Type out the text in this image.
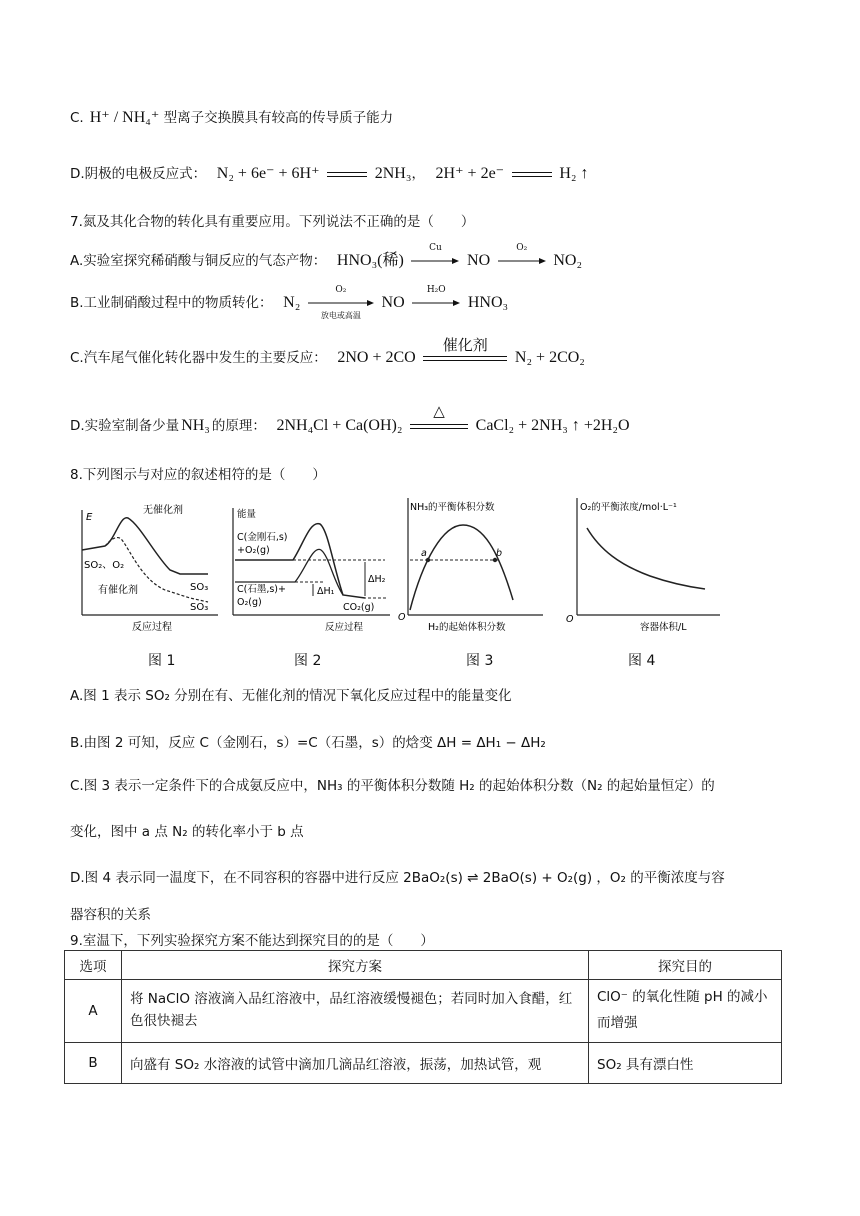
C. H⁺ / NH₄⁺ 型离子交换膜具有较高的传导质子能力
D.阴极的电极反应式： N₂ + 6e⁻ + 6H⁺	2NH₃， 2H⁺ + 2e⁻	H₂ ↑
7.氮及其化合物的转化具有重要应用。下列说法不正确的是（　　）
A.实验室探究稀硝酸与铜反应的气态产物： HNO₃(稀)
Cu
NO
O₂
NO₂
B.工业制硝酸过程中的物质转化： N₂
O₂
放电或高温
NO
H₂O
HNO₃
C.汽车尾气催化转化器中发生的主要反应： 2NO + 2CO
催化剂
N₂ + 2CO₂
D.实验室制备少量 NH₃ 的原理： 2NH₄Cl + Ca(OH)₂
△
CaCl₂ + 2NH₃ ↑ +2H₂O
8.下列图示与对应的叙述相符的是（　　）
E
无催化剂
SO₂、O₂
有催化剂	SO₃
SO₃
反应过程
能量
C(金刚石,s)
+O₂(g)
C(石墨,s)+
O₂(g)
ΔH₂
ΔH₁
CO₂(g)
反应过程
NH₃的平衡体积分数
a	b
O
H₂的起始体积分数
O₂的平衡浓度/mol·L⁻¹
O
容器体积/L
图 1	图 2	图 3	图 4
A.图 1 表示 SO₂ 分别在有、无催化剂的情况下氧化反应过程中的能量变化
B.由图 2 可知，反应 C（金刚石，s）=C（石墨，s）的焓变 ΔH = ΔH₁ − ΔH₂
C.图 3 表示一定条件下的合成氨反应中，NH₃ 的平衡体积分数随 H₂ 的起始体积分数（N₂ 的起始量恒定）的
变化，图中 a 点 N₂ 的转化率小于 b 点
D.图 4 表示同一温度下，在不同容积的容器中进行反应 2BaO₂(s) ⇌ 2BaO(s) + O₂(g) ，O₂ 的平衡浓度与容
器容积的关系
9.室温下，下列实验探究方案不能达到探究目的的是（　　）
选项	探究方案	探究目的
A	将 NaClO 溶液滴入品红溶液中，品红溶液缓慢褪色；若同时加入食醋，红色很快褪去	ClO⁻ 的氧化性随 pH 的减小而增强
B	向盛有 SO₂ 水溶液的试管中滴加几滴品红溶液，振荡，加热试管，观	SO₂ 具有漂白性
